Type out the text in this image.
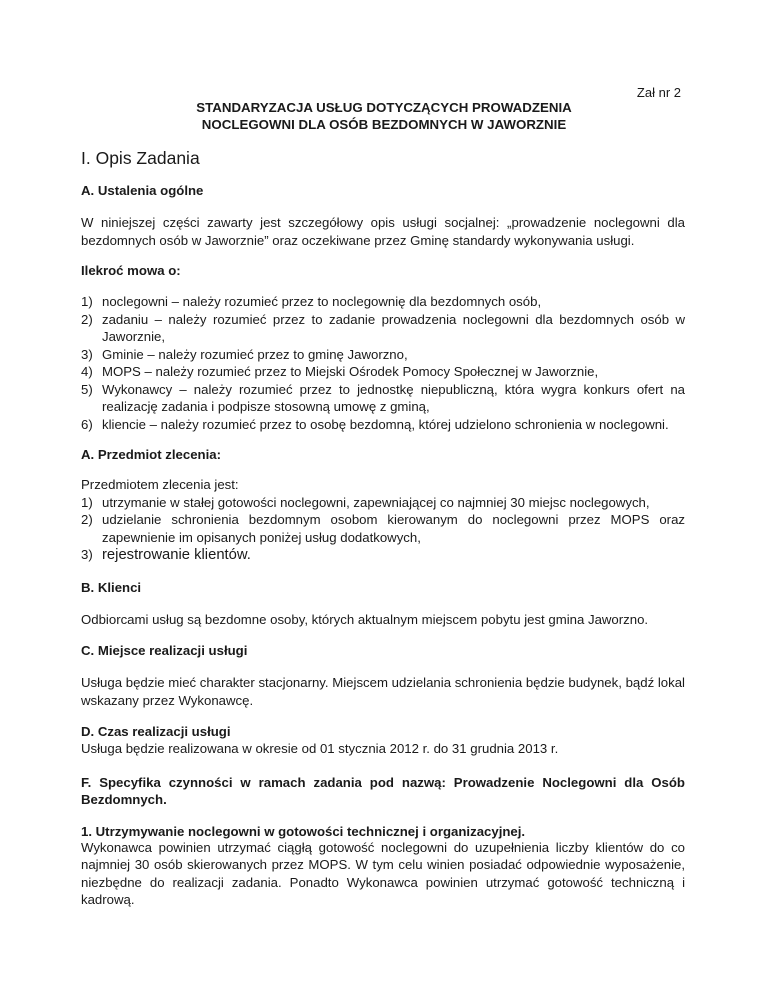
Zał nr 2
STANDARYZACJA USŁUG DOTYCZĄCYCH PROWADZENIA
NOCLEGOWNI DLA OSÓB BEZDOMNYCH W JAWORZNIE
I. Opis Zadania
A. Ustalenia ogólne

W niniejszej części zawarty jest szczegółowy opis usługi socjalnej: „prowadzenie noclegowni dla bezdomnych osób w Jaworznie” oraz oczekiwane przez Gminę standardy wykonywania usługi.

Ilekroć mowa o:
1) noclegowni – należy rozumieć przez to noclegownię dla bezdomnych osób,
2) zadaniu – należy rozumieć przez to zadanie prowadzenia noclegowni dla bezdomnych osób w Jaworznie,
3) Gminie – należy rozumieć przez to gminę Jaworzno,
4) MOPS – należy rozumieć przez to Miejski Ośrodek Pomocy Społecznej w Jaworznie,
5) Wykonawcy – należy rozumieć przez to jednostkę niepubliczną, która wygra konkurs ofert na realizację zadania i podpisze stosowną umowę z gminą,
6) kliencie – należy rozumieć przez to osobę bezdomną, której udzielono schronienia w noclegowni.
A. Przedmiot zlecenia:

Przedmiotem zlecenia jest:

1) utrzymanie w stałej gotowości noclegowni, zapewniającej co najmniej 30 miejsc noclegowych,
2) udzielanie schronienia bezdomnym osobom kierowanym do noclegowni przez MOPS oraz zapewnienie im opisanych poniżej usług dodatkowych,
3) rejestrowanie klientów.
B. Klienci

Odbiorcami usług są bezdomne osoby, których aktualnym miejscem pobytu jest gmina Jaworzno.

C. Miejsce realizacji usługi

Usługa będzie mieć charakter stacjonarny. Miejscem udzielania schronienia będzie budynek, bądź lokal wskazany przez Wykonawcę.

D. Czas realizacji usługi

Usługa będzie realizowana w okresie od 01 stycznia 2012 r. do 31 grudnia 2013 r.

F. Specyfika czynności w ramach zadania pod nazwą: Prowadzenie Noclegowni dla Osób Bezdomnych.

1. Utrzymywanie noclegowni w gotowości technicznej i organizacyjnej.

Wykonawca powinien utrzymać ciągłą gotowość noclegowni do uzupełnienia liczby klientów do co najmniej 30 osób skierowanych przez MOPS. W tym celu winien posiadać odpowiednie wyposażenie, niezbędne do realizacji zadania. Ponadto Wykonawca powinien utrzymać gotowość techniczną i kadrową.
